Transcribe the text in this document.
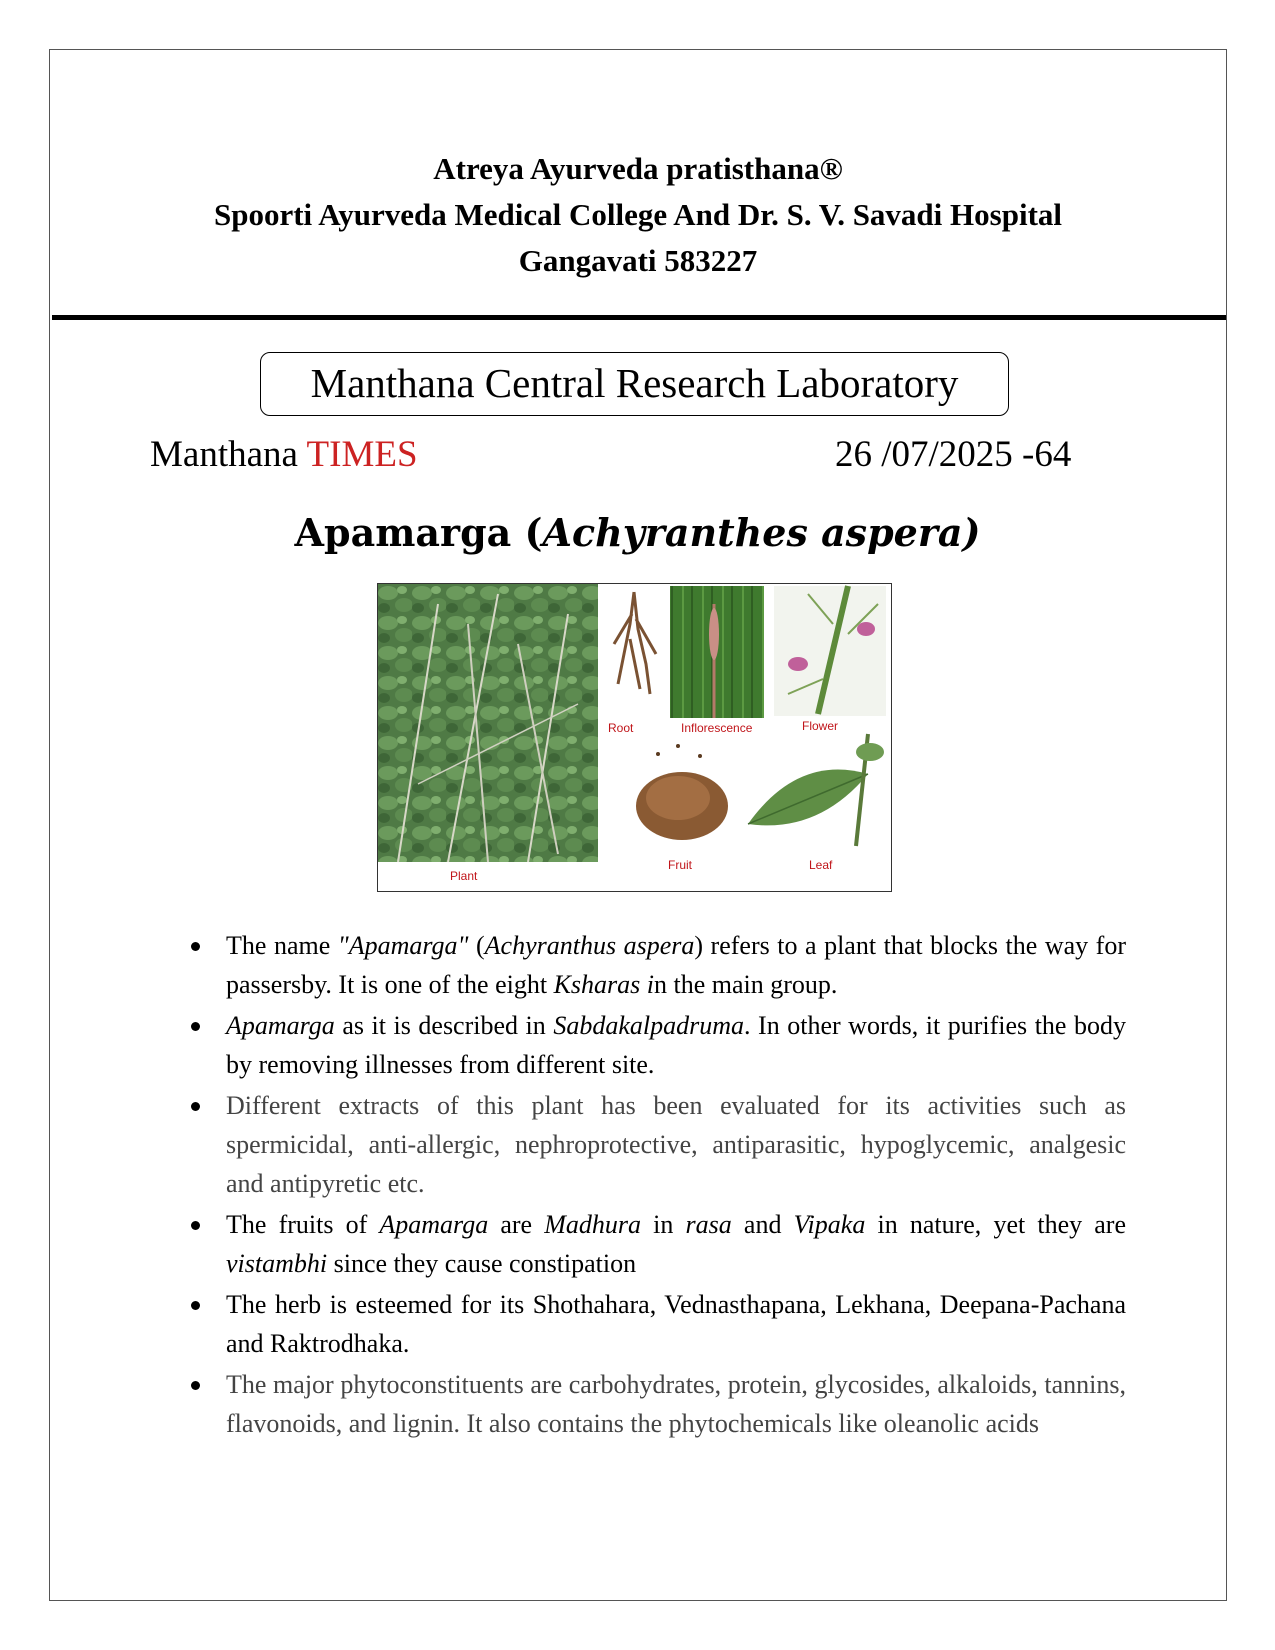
Atreya Ayurveda pratisthana®
Spoorti Ayurveda Medical College And Dr. S. V. Savadi Hospital
Gangavati 583227
Manthana Central Research Laboratory
Manthana TIMES	26 /07/2025 -64
Apamarga (Achyranthes aspera)
Plant
Root	Inflorescence	Flower
Fruit	Leaf
The name "Apamarga" (Achyranthus aspera) refers to a plant that blocks the way for passersby. It is one of the eight Ksharas in the main group.
Apamarga as it is described in Sabdakalpadruma. In other words, it purifies the body by removing illnesses from different site.
Different extracts of this plant has been evaluated for its activities such as spermicidal, anti-allergic, nephroprotective, antiparasitic, hypoglycemic, analgesic and antipyretic etc.
The fruits of Apamarga are Madhura in rasa and Vipaka in nature, yet they are vistambhi since they cause constipation
The herb is esteemed for its Shothahara, Vednasthapana, Lekhana, Deepana-Pachana and Raktrodhaka.
The major phytoconstituents are carbohydrates, protein, glycosides, alkaloids, tannins, flavonoids, and lignin. It also contains the phytochemicals like oleanolic acids
